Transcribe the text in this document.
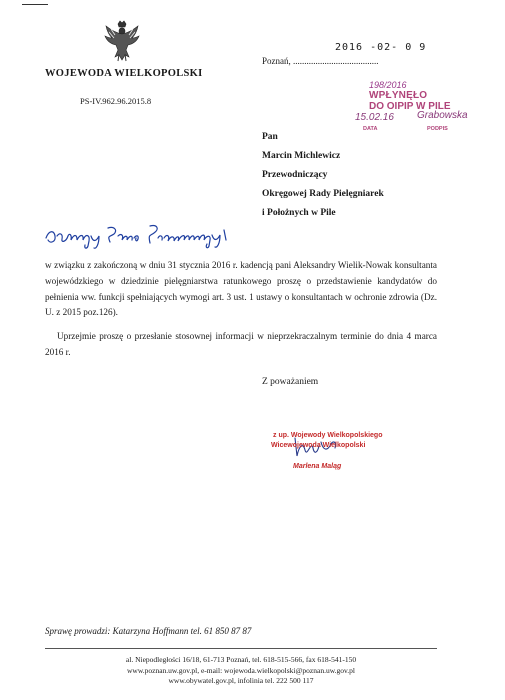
WOJEWODA WIELKOPOLSKI
PS-IV.962.96.2015.8
Poznań, ......................................
2016 -02- 0 9
198/2016
WPŁYNĘŁO
DO OIPIP W PILE
15.02.16 Grabowska
DATA	PODPIS
Pan
Marcin Michlewicz
Przewodniczący
Okręgowej Rady Pielęgniarek
i Położnych w Pile

w związku z zakończoną w dniu 31 stycznia 2016 r. kadencją pani Aleksandry Wielik-Nowak konsultanta wojewódzkiego w dziedzinie pielęgniarstwa ratunkowego proszę o przedstawienie kandydatów do pełnienia ww. funkcji spełniających wymogi art. 3 ust. 1 ustawy o konsultantach w ochronie zdrowia (Dz. U. z 2015 poz.126).

Uprzejmie proszę o przesłanie stosownej informacji w nieprzekraczalnym terminie do dnia 4 marca 2016 r.

Z poważaniem
z up. Wojewody Wielkopolskiego
Wicewojewoda Wielkopolski
Marlena Maląg
Sprawę prowadzi: Katarzyna Hoffmann tel. 61 850 87 87
al. Niepodległości 16/18, 61-713 Poznań, tel. 618-515-566, fax 618-541-150
www.poznan.uw.gov.pl, e-mail: wojewoda.wielkopolski@poznan.uw.gov.pl
www.obywatel.gov.pl, infolinia tel. 222 500 117
